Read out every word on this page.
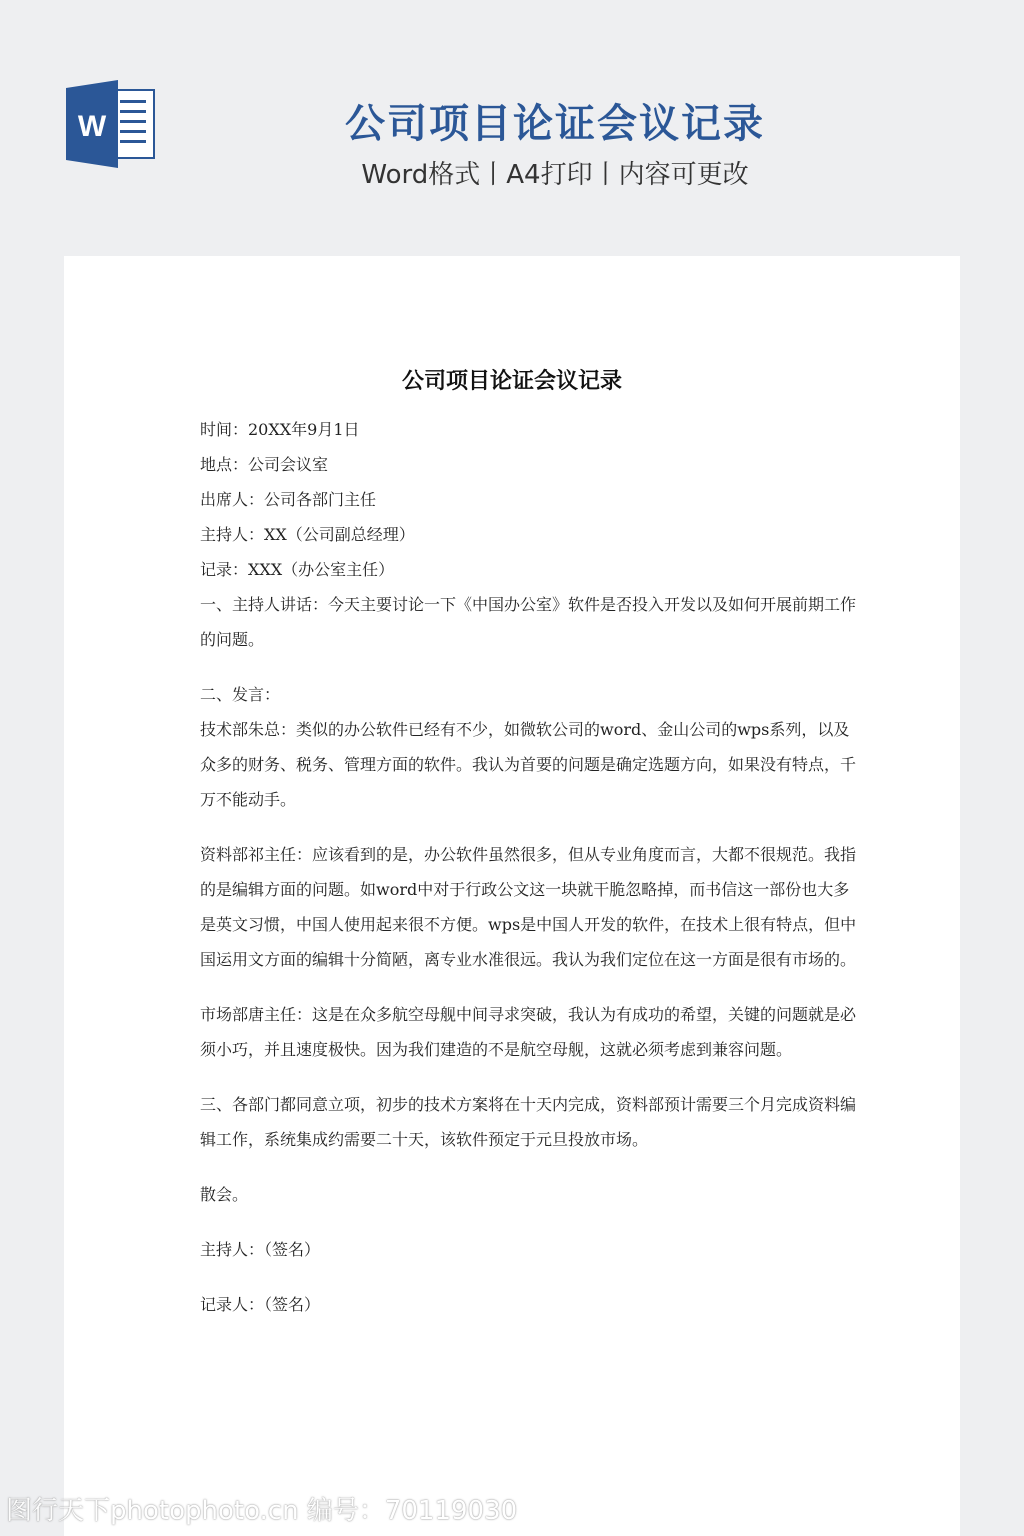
W	公司项目论证会议记录
Word格式丨A4打印丨内容可更改
公司项目论证会议记录

时间：20XX年9月1日

地点：公司会议室

出席人：公司各部门主任

主持人：XX（公司副总经理）

记录：XXX（办公室主任）

一、主持人讲话：今天主要讨论一下《中国办公室》软件是否投入开发以及如何开展前期工作的问题。

二、发言：

技术部朱总：类似的办公软件已经有不少，如微软公司的word、金山公司的wps系列，以及众多的财务、税务、管理方面的软件。我认为首要的问题是确定选题方向，如果没有特点，千万不能动手。

资料部祁主任：应该看到的是，办公软件虽然很多，但从专业角度而言，大都不很规范。我指的是编辑方面的问题。如word中对于行政公文这一块就干脆忽略掉，而书信这一部份也大多是英文习惯，中国人使用起来很不方便。wps是中国人开发的软件，在技术上很有特点，但中国运用文方面的编辑十分简陋，离专业水准很远。我认为我们定位在这一方面是很有市场的。

市场部唐主任：这是在众多航空母舰中间寻求突破，我认为有成功的希望，关键的问题就是必须小巧，并且速度极快。因为我们建造的不是航空母舰，这就必须考虑到兼容问题。

三、各部门都同意立项，初步的技术方案将在十天内完成，资料部预计需要三个月完成资料编辑工作，系统集成约需要二十天，该软件预定于元旦投放市场。

散会。

主持人：（签名）

记录人：（签名）

图行天下photophoto.cn 编号：70119030
